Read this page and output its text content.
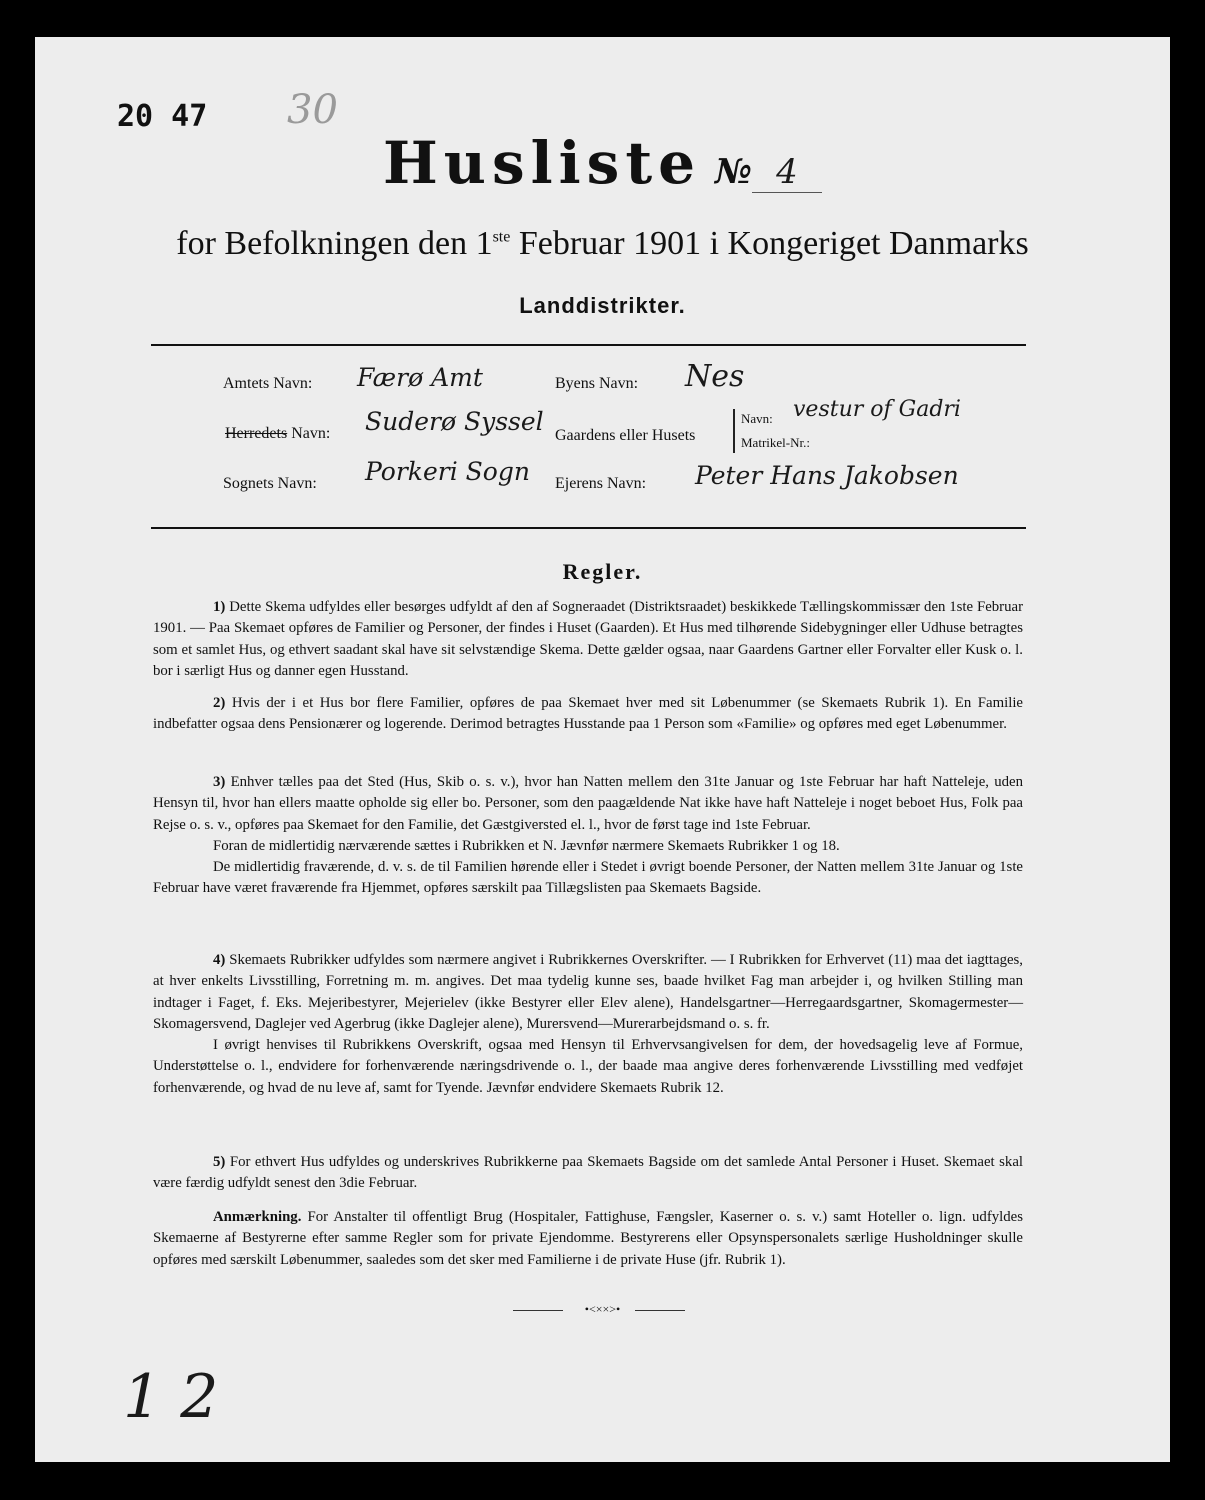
20 47 30
Husliste № 4
for Befolkningen den 1ste Februar 1901 i Kongeriget Danmarks
Landdistrikter.
Amtets Navn: Færø Amt
Herredets Navn: Suderø Syssel
Sognets Navn: Porkeri Sogn
Byens Navn: Nes
Gaardens eller Husets
Navn: vestur of Gadri
Matrikel-Nr.:
Ejerens Navn: Peter Hans Jakobsen
Regler.

1) Dette Skema udfyldes eller besørges udfyldt af den af Sogneraadet (Distriktsraadet) beskikkede Tællingskommissær den 1ste Februar 1901. — Paa Skemaet opføres de Familier og Personer, der findes i Huset (Gaarden). Et Hus med tilhørende Sidebygninger eller Udhuse betragtes som et samlet Hus, og ethvert saadant skal have sit selvstændige Skema. Dette gælder ogsaa, naar Gaardens Gartner eller Forvalter eller Kusk o. l. bor i særligt Hus og danner egen Husstand.

2) Hvis der i et Hus bor flere Familier, opføres de paa Skemaet hver med sit Løbenummer (se Skemaets Rubrik 1). En Familie indbefatter ogsaa dens Pensionærer og logerende. Derimod betragtes Husstande paa 1 Person som «Familie» og opføres med eget Løbenummer.

3) Enhver tælles paa det Sted (Hus, Skib o. s. v.), hvor han Natten mellem den 31te Januar og 1ste Februar har haft Natteleje, uden Hensyn til, hvor han ellers maatte opholde sig eller bo. Personer, som den paagældende Nat ikke have haft Natteleje i noget beboet Hus, Folk paa Rejse o. s. v., opføres paa Skemaet for den Familie, det Gæstgiversted el. l., hvor de først tage ind 1ste Februar.

Foran de midlertidig nærværende sættes i Rubrikken et N. Jævnfør nærmere Skemaets Rubrikker 1 og 18.

De midlertidig fraværende, d. v. s. de til Familien hørende eller i Stedet i øvrigt boende Personer, der Natten mellem 31te Januar og 1ste Februar have været fraværende fra Hjemmet, opføres særskilt paa Tillægslisten paa Skemaets Bagside.

4) Skemaets Rubrikker udfyldes som nærmere angivet i Rubrikkernes Overskrifter. — I Rubrikken for Erhvervet (11) maa det iagttages, at hver enkelts Livsstilling, Forretning m. m. angives. Det maa tydelig kunne ses, baade hvilket Fag man arbejder i, og hvilken Stilling man indtager i Faget, f. Eks. Mejeribestyrer, Mejerielev (ikke Bestyrer eller Elev alene), Handelsgartner—Herregaardsgartner, Skomagermester—Skomagersvend, Daglejer ved Agerbrug (ikke Daglejer alene), Murersvend—Murerarbejdsmand o. s. fr.

I øvrigt henvises til Rubrikkens Overskrift, ogsaa med Hensyn til Erhvervsangivelsen for dem, der hovedsagelig leve af Formue, Understøttelse o. l., endvidere for forhenværende næringsdrivende o. l., der baade maa angive deres forhenværende Livsstilling med vedføjet forhenværende, og hvad de nu leve af, samt for Tyende. Jævnfør endvidere Skemaets Rubrik 12.

5) For ethvert Hus udfyldes og underskrives Rubrikkerne paa Skemaets Bagside om det samlede Antal Personer i Huset. Skemaet skal være færdig udfyldt senest den 3die Februar.

Anmærkning. For Anstalter til offentligt Brug (Hospitaler, Fattighuse, Fængsler, Kaserner o. s. v.) samt Hoteller o. lign. udfyldes Skemaerne af Bestyrerne efter samme Regler som for private Ejendomme. Bestyrerens eller Opsynspersonalets særlige Husholdninger skulle opføres med særskilt Løbenummer, saaledes som det sker med Familierne i de private Huse (jfr. Rubrik 1).

•<××>•
1 2
